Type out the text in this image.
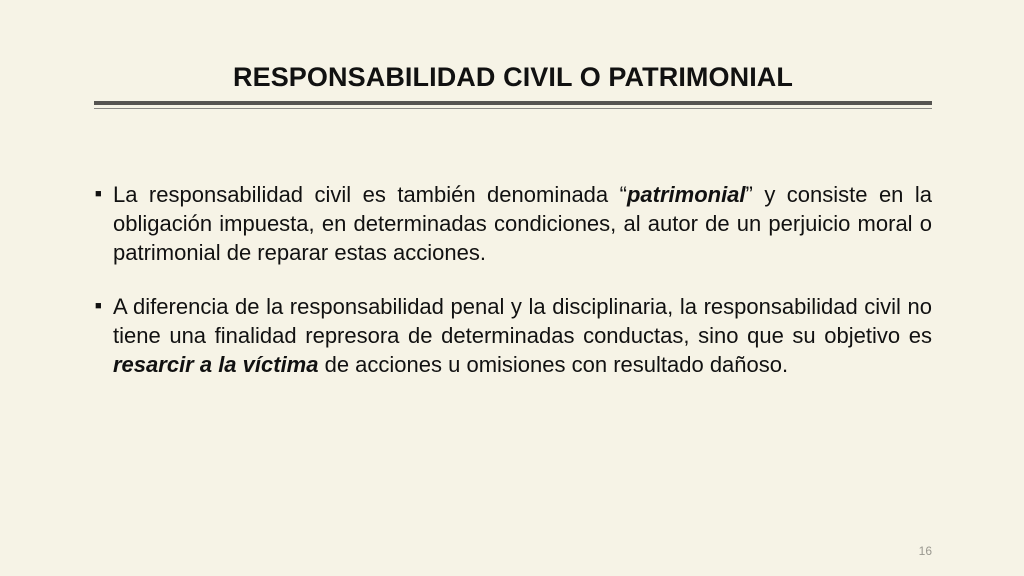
RESPONSABILIDAD CIVIL O PATRIMONIAL
■ La responsabilidad civil es también denominada “patrimonial” y consiste en la obligación impuesta, en determinadas condiciones, al autor de un perjuicio moral o patrimonial de reparar estas acciones.
■ A diferencia de la responsabilidad penal y la disciplinaria, la responsabilidad civil no tiene una finalidad represora de determinadas conductas, sino que su objetivo es resarcir a la víctima de acciones u omisiones con resultado dañoso.
16
